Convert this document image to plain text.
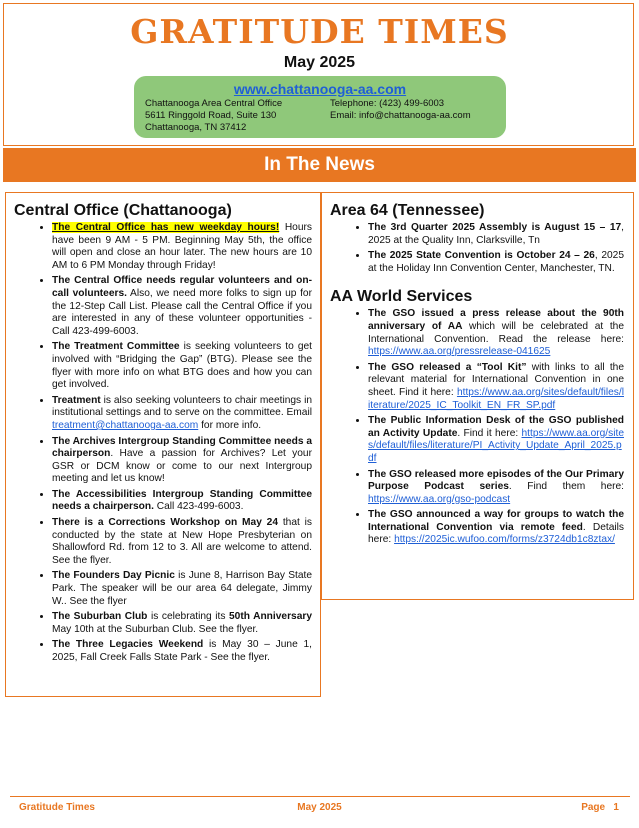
GRATITUDE TIMES
May 2025
www.chattanooga-aa.com
Chattanooga Area Central Office
5611 Ringgold Road, Suite 130
Chattanooga, TN 37412
Telephone: (423) 499-6003
Email: info@chattanooga-aa.com
In The News
Central Office (Chattanooga)
• The Central Office has new weekday hours! Hours have been 9 AM - 5 PM. Beginning May 5th, the office will open and close an hour later. The new hours are 10 AM to 6 PM Monday through Friday!
• The Central Office needs regular volunteers and on-call volunteers. Also, we need more folks to sign up for the 12-Step Call List. Please call the Central Office if you are interested in any of these volunteer opportunities - Call 423-499-6003.
• The Treatment Committee is seeking volunteers to get involved with “Bridging the Gap” (BTG). Please see the flyer with more info on what BTG does and how you can get involved.
• Treatment is also seeking volunteers to chair meetings in institutional settings and to serve on the committee. Email treatment@chattanooga-aa.com for more info.
• The Archives Intergroup Standing Committee needs a chairperson. Have a passion for Archives? Let your GSR or DCM know or come to our next Intergroup meeting and let us know!
• The Accessibilities Intergroup Standing Committee needs a chairperson. Call 423-499-6003.
• There is a Corrections Workshop on May 24 that is conducted by the state at New Hope Presbyterian on Shallowford Rd. from 12 to 3. All are welcome to attend. See the flyer.
• The Founders Day Picnic is June 8, Harrison Bay State Park. The speaker will be our area 64 delegate, Jimmy W.. See the flyer
• The Suburban Club is celebrating its 50th Anniversary May 10th at the Suburban Club. See the flyer.
• The Three Legacies Weekend is May 30 – June 1, 2025, Fall Creek Falls State Park - See the flyer.
Area 64 (Tennessee)
• The 3rd Quarter 2025 Assembly is August 15 – 17, 2025 at the Quality Inn, Clarksville, Tn
• The 2025 State Convention is October 24 – 26, 2025 at the Holiday Inn Convention Center, Manchester, TN.
AA World Services
• The GSO issued a press release about the 90th anniversary of AA which will be celebrated at the International Convention. Read the release here: https://www.aa.org/pressrelease-041625
• The GSO released a “Tool Kit” with links to all the relevant material for International Convention in one sheet. Find it here: https://www.aa.org/sites/default/files/literature/2025_IC_Toolkit_EN_FR_SP.pdf
• The Public Information Desk of the GSO published an Activity Update. Find it here: https://www.aa.org/sites/default/files/literature/PI_Activity_Update_April_2025.pdf
• The GSO released more episodes of the Our Primary Purpose Podcast series. Find them here: https://www.aa.org/gso-podcast
• The GSO announced a way for groups to watch the International Convention via remote feed. Details here: https://2025ic.wufoo.com/forms/z3724db1c8ztax/
Gratitude Times	May 2025	Page   1
